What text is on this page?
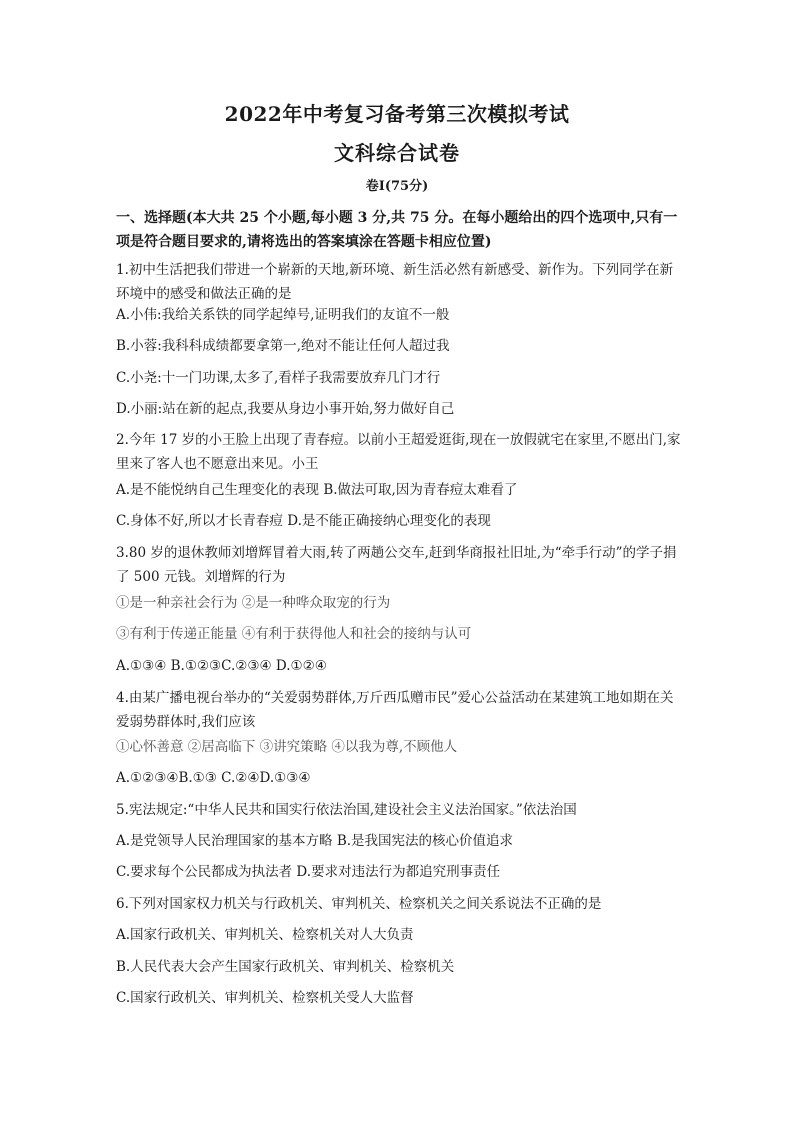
2022年中考复习备考第三次模拟考试
文科综合试卷
卷Ⅰ(75分)
一、选择题(本大共 25 个小题,每小题 3 分,共 75 分。在每小题给出的四个选项中,只有一 项是符合题目要求的,请将选出的答案填涂在答题卡相应位置)
1.初中生活把我们带进一个崭新的天地,新环境、新生活必然有新感受、新作为。下列同学在新环境中的感受和做法正确的是
A.小伟:我给关系铁的同学起绰号,证明我们的友谊不一般
B.小蓉:我科科成绩都要拿第一,绝对不能让任何人超过我
C.小尧:十一门功课,太多了,看样子我需要放弃几门才行
D.小丽:站在新的起点,我要从身边小事开始,努力做好自己
2.今年 17 岁的小王脸上出现了青春痘。以前小王超爱逛街,现在一放假就宅在家里,不愿出门,家里来了客人也不愿意出来见。小王
A.是不能悦纳自己生理变化的表现 B.做法可取,因为青春痘太难看了
C.身体不好,所以才长青春痘 D.是不能正确接纳心理变化的表现
3.80 岁的退休教师刘增辉冒着大雨,转了两趟公交车,赶到华商报社旧址,为“牵手行动”的学子捐了 500 元钱。刘增辉的行为
①是一种亲社会行为 ②是一种哗众取宠的行为
③有利于传递正能量 ④有利于获得他人和社会的接纳与认可
A.①③④ B.①②③C.②③④ D.①②④
4.由某广播电视台举办的“关爱弱势群体,万斤西瓜赠市民”爱心公益活动在某建筑工地如期在关爱弱势群体时,我们应该
①心怀善意 ②居高临下 ③讲究策略 ④以我为尊,不顾他人
A.①②③④B.①③ C.②④D.①③④
5.宪法规定:“中华人民共和国实行依法治国,建设社会主义法治国家。”依法治国
A.是党领导人民治理国家的基本方略 B.是我国宪法的核心价值追求
C.要求每个公民都成为执法者 D.要求对违法行为都追究刑事责任
6.下列对国家权力机关与行政机关、审判机关、检察机关之间关系说法不正确的是
A.国家行政机关、审判机关、检察机关对人大负责
B.人民代表大会产生国家行政机关、审判机关、检察机关
C.国家行政机关、审判机关、检察机关受人大监督
